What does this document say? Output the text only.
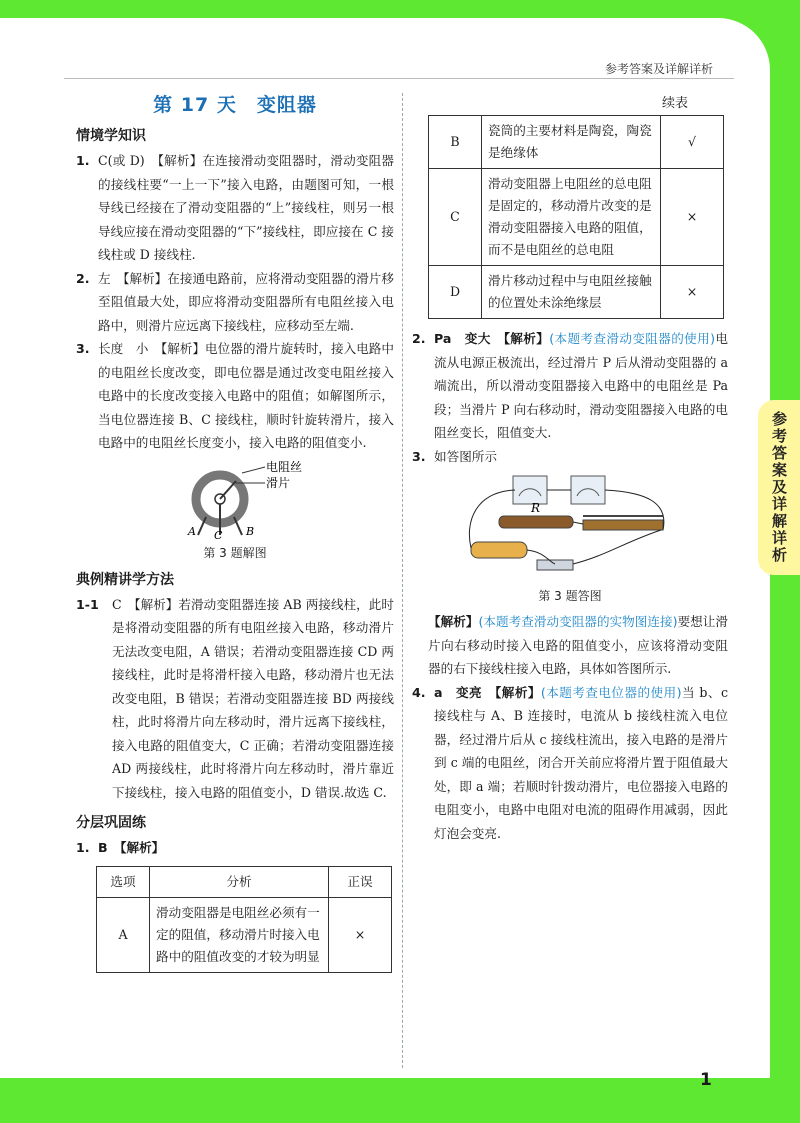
参考答案及详解详析
第 17 天　变阻器
情境学知识
1. C(或 D)　【解析】在连接滑动变阻器时，滑动变阻器的接线柱要“一上一下”接入电路，由题图可知，一根导线已经接在了滑动变阻器的“上”接线柱，则另一根导线应接在滑动变阻器的“下”接线柱，即应接在 C 接线柱或 D 接线柱.
2. 左　【解析】在接通电路前，应将滑动变阻器的滑片移至阻值最大处，即应将滑动变阻器所有电阻丝接入电路中，则滑片应远离下接线柱，应移动至左端.
3. 长度　小　【解析】电位器的滑片旋转时，接入电路中的电阻丝长度改变，即电位器是通过改变电阻丝接入电路中的长度改变接入电路中的阻值；如解图所示，当电位器连接 B、C 接线柱，顺时针旋转滑片，接入电路中的电阻丝长度变小，接入电路的阻值变小.
电阻丝
滑片
A C B
第 3 题解图
典例精讲学方法
1-1 C　【解析】若滑动变阻器连接 AB 两接线柱，此时是将滑动变阻器的所有电阻丝接入电路，移动滑片无法改变电阻，A 错误；若滑动变阻器连接 CD 两接线柱，此时是将滑杆接入电路，移动滑片也无法改变电阻，B 错误；若滑动变阻器连接 BD 两接线柱，此时将滑片向左移动时，滑片远离下接线柱，接入电路的阻值变大，C 正确；若滑动变阻器连接 AD 两接线柱，此时将滑片向左移动时，滑片靠近下接线柱，接入电路的阻值变小，D 错误.故选 C.
分层巩固练
1. B　【解析】
选项	分析	正误
A	滑动变阻器是电阻丝必须有一定的阻值，移动滑片时接入电路中的阻值改变的才较为明显	×
续表
B	瓷筒的主要材料是陶瓷，陶瓷是绝缘体	√
C	滑动变阻器上电阻丝的总电阻是固定的，移动滑片改变的是滑动变阻器接入电路的阻值，而不是电阻丝的总电阻	×
D	滑片移动过程中与电阻丝接触的位置处未涂绝缘层	×
2. Pa　变大　【解析】(本题考查滑动变阻器的使用)电流从电源正极流出，经过滑片 P 后从滑动变阻器的 a 端流出，所以滑动变阻器接入电路中的电阻丝是 Pa 段；当滑片 P 向右移动时，滑动变阻器接入电路的电阻丝变长，阻值变大.
3. 如答图所示
R
第 3 题答图
【解析】(本题考查滑动变阻器的实物图连接)要想让滑片向右移动时接入电路的阻值变小，应该将滑动变阻器的右下接线柱接入电路，具体如答图所示.
4. a　变亮　【解析】(本题考查电位器的使用)当 b、c 接线柱与 A、B 连接时，电流从 b 接线柱流入电位器，经过滑片后从 c 接线柱流出，接入电路的是滑片到 c 端的电阻丝，闭合开关前应将滑片置于阻值最大处，即 a 端；若顺时针拨动滑片，电位器接入电路的电阻变小，电路中电阻对电流的阻碍作用减弱，因此灯泡会变亮.
1
参考答案及详解详析
